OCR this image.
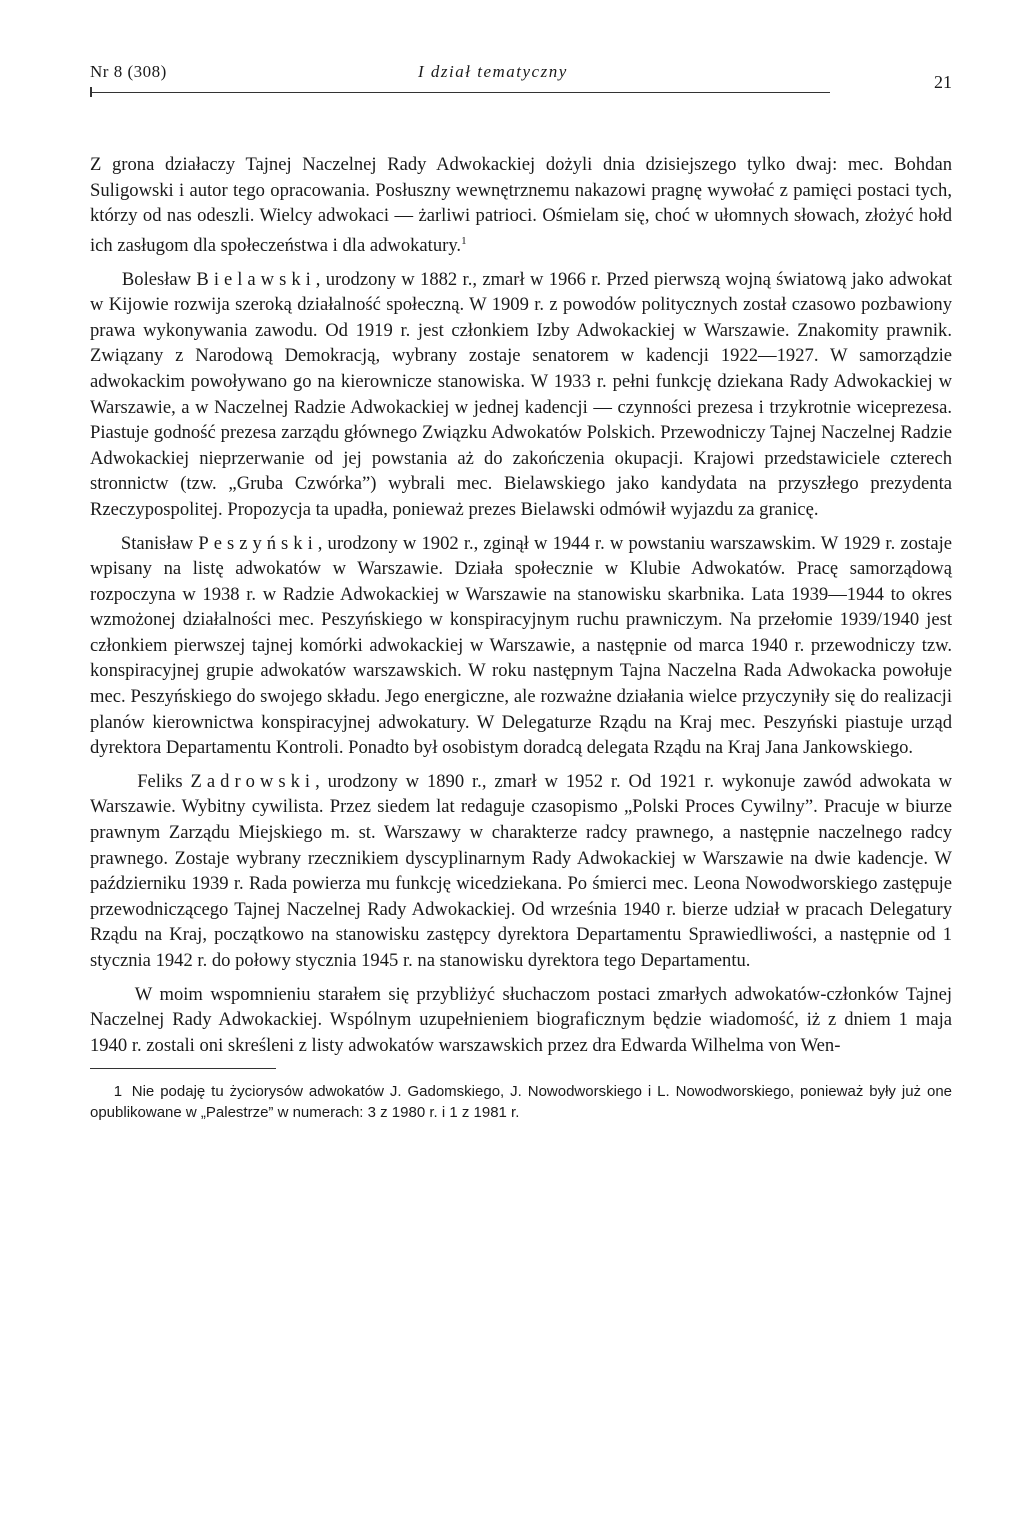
Nr 8 (308)	I dział tematyczny
21

Z grona działaczy Tajnej Naczelnej Rady Adwokackiej dożyli dnia dzisiejszego tylko dwaj: mec. Bohdan Suligowski i autor tego opracowania. Posłuszny wewnętrznemu nakazowi pragnę wywołać z pamięci postaci tych, którzy od nas odeszli. Wielcy adwokaci — żarliwi patrioci. Ośmielam się, choć w ułomnych słowach, złożyć hołd ich zasługom dla społeczeństwa i dla adwokatury.$^1$

Bolesław Bielawski, urodzony w 1882 r., zmarł w 1966 r. Przed pierwszą wojną światową jako adwokat w Kijowie rozwija szeroką działalność społeczną. W 1909 r. z powodów politycznych został czasowo pozbawiony prawa wykonywania zawodu. Od 1919 r. jest członkiem Izby Adwokackiej w Warszawie. Znakomity prawnik. Związany z Narodową Demokracją, wybrany zostaje senatorem w kadencji 1922—1927. W samorządzie adwokackim powoływano go na kierownicze stanowiska. W 1933 r. pełni funkcję dziekana Rady Adwokackiej w Warszawie, a w Naczelnej Radzie Adwokackiej w jednej kadencji — czynności prezesa i trzykrotnie wiceprezesa. Piastuje godność prezesa zarządu głównego Związku Adwokatów Polskich. Przewodniczy Tajnej Naczelnej Radzie Adwokackiej nieprzerwanie od jej powstania aż do zakończenia okupacji. Krajowi przedstawiciele czterech stronnictw (tzw. „Gruba Czwórka”) wybrali mec. Bielawskiego jako kandydata na przyszłego prezydenta Rzeczypospolitej. Propozycja ta upadła, ponieważ prezes Bielawski odmówił wyjazdu za granicę.

Stanisław Peszyński, urodzony w 1902 r., zginął w 1944 r. w powstaniu warszawskim. W 1929 r. zostaje wpisany na listę adwokatów w Warszawie. Działa społecznie w Klubie Adwokatów. Pracę samorządową rozpoczyna w 1938 r. w Radzie Adwokackiej w Warszawie na stanowisku skarbnika. Lata 1939—1944 to okres wzmożonej działalności mec. Peszyńskiego w konspiracyjnym ruchu prawniczym. Na przełomie 1939/1940 jest członkiem pierwszej tajnej komórki adwokackiej w Warszawie, a następnie od marca 1940 r. przewodniczy tzw. konspiracyjnej grupie adwokatów warszawskich. W roku następnym Tajna Naczelna Rada Adwokacka powołuje mec. Peszyńskiego do swojego składu. Jego energiczne, ale rozważne działania wielce przyczyniły się do realizacji planów kierownictwa konspiracyjnej adwokatury. W Delegaturze Rządu na Kraj mec. Peszyński piastuje urząd dyrektora Departamentu Kontroli. Ponadto był osobistym doradcą delegata Rządu na Kraj Jana Jankowskiego.

Feliks Zadrowski, urodzony w 1890 r., zmarł w 1952 r. Od 1921 r. wykonuje zawód adwokata w Warszawie. Wybitny cywilista. Przez siedem lat redaguje czasopismo „Polski Proces Cywilny”. Pracuje w biurze prawnym Zarządu Miejskiego m. st. Warszawy w charakterze radcy prawnego, a następnie naczelnego radcy prawnego. Zostaje wybrany rzecznikiem dyscyplinarnym Rady Adwokackiej w Warszawie na dwie kadencje. W październiku 1939 r. Rada powierza mu funkcję wicedziekana. Po śmierci mec. Leona Nowodworskiego zastępuje przewodniczącego Tajnej Naczelnej Rady Adwokackiej. Od września 1940 r. bierze udział w pracach Delegatury Rządu na Kraj, początkowo na stanowisku zastępcy dyrektora Departamentu Sprawiedliwości, a następnie od 1 stycznia 1942 r. do połowy stycznia 1945 r. na stanowisku dyrektora tego Departamentu.

W moim wspomnieniu starałem się przybliżyć słuchaczom postaci zmarłych adwokatów-członków Tajnej Naczelnej Rady Adwokackiej. Wspólnym uzupełnieniem biograficznym będzie wiadomość, iż z dniem 1 maja 1940 r. zostali oni skreśleni z listy adwokatów warszawskich przez dra Edwarda Wilhelma von Wen-

1 Nie podaję tu życiorysów adwokatów J. Gadomskiego, J. Nowodworskiego i L. Nowodworskiego, ponieważ były już one opublikowane w „Palestrze” w numerach: 3 z 1980 r. i 1 z 1981 r.
